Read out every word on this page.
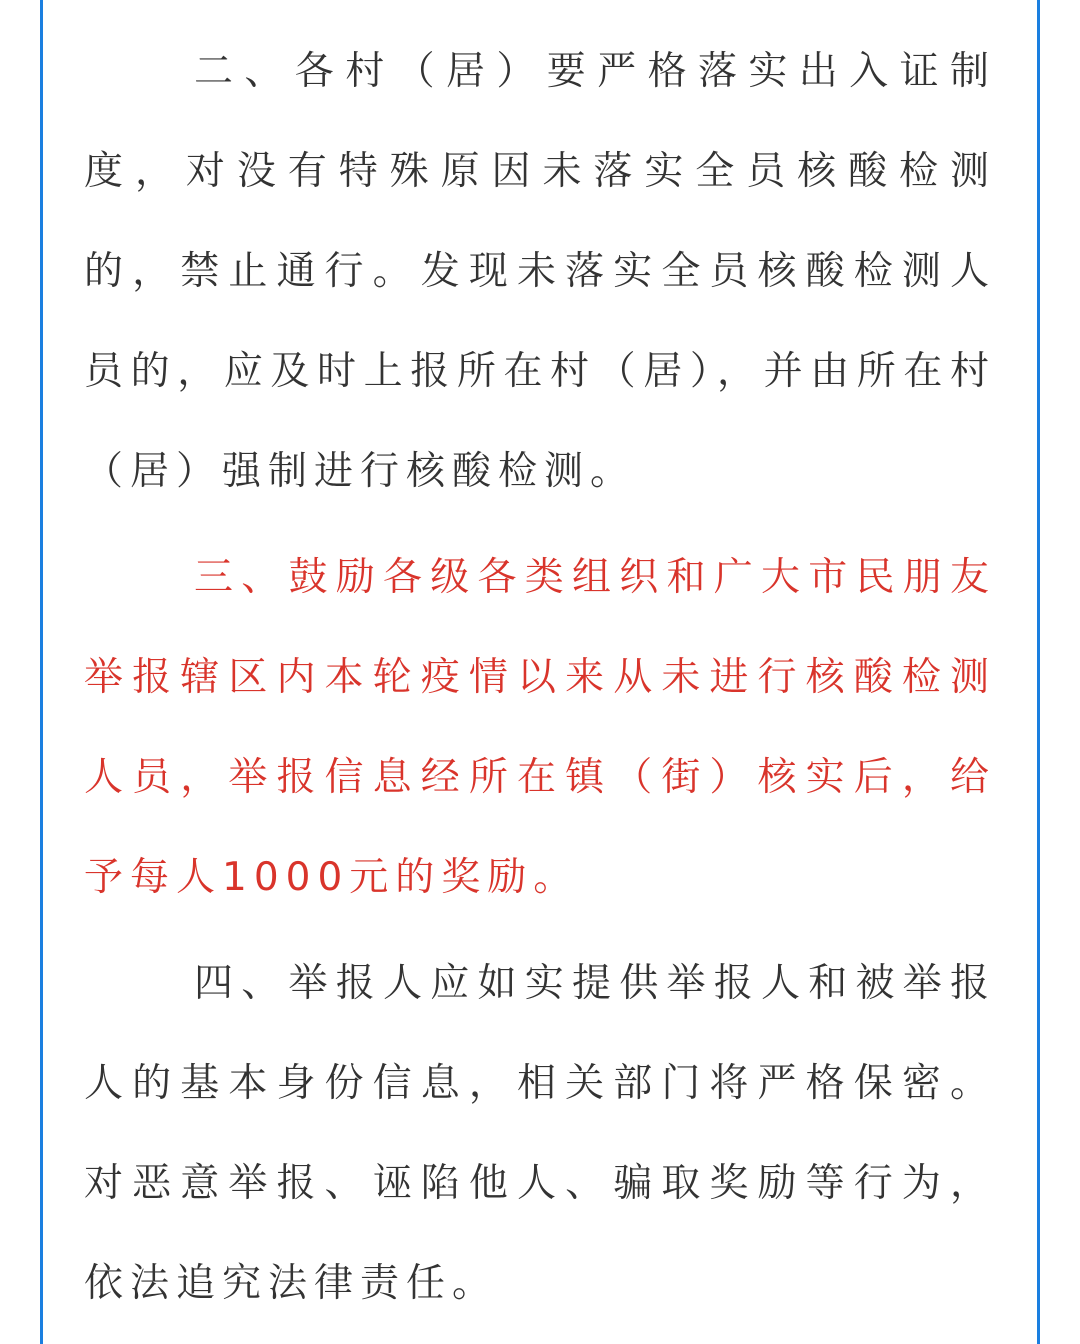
二、各村（居）要严格落实出入证制度，对没有特殊原因未落实全员核酸检测的，禁止通行。发现未落实全员核酸检测人员的，应及时上报所在村（居），并由所在村（居）强制进行核酸检测。

三、鼓励各级各类组织和广大市民朋友举报辖区内本轮疫情以来从未进行核酸检测人员，举报信息经所在镇（街）核实后，给予每人1000元的奖励。

四、举报人应如实提供举报人和被举报人的基本身份信息，相关部门将严格保密。对恶意举报、诬陷他人、骗取奖励等行为，依法追究法律责任。
